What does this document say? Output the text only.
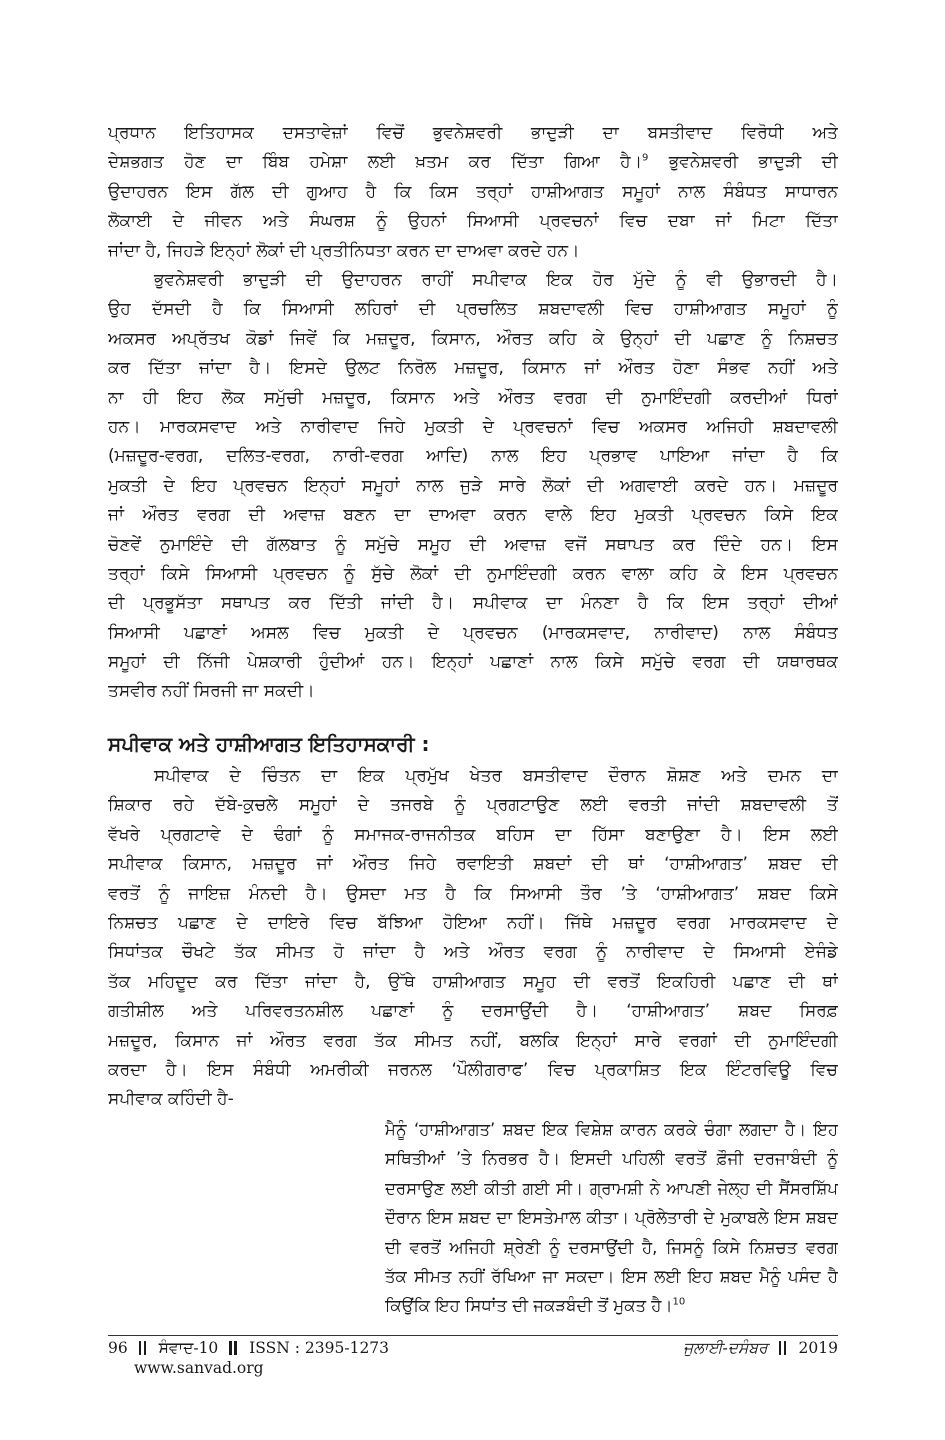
ਪ੍ਰਧਾਨ ਇਤਿਹਾਸਕ ਦਸਤਾਵੇਜ਼ਾਂ ਵਿਚੋਂ ਭੁਵਨੇਸ਼ਵਰੀ ਭਾਦੁੜੀ ਦਾ ਬਸਤੀਵਾਦ ਵਿਰੋਧੀ ਅਤੇ
ਦੇਸ਼ਭਗਤ ਹੋਣ ਦਾ ਬਿੰਬ ਹਮੇਸ਼ਾ ਲਈ ਖ਼ਤਮ ਕਰ ਦਿੱਤਾ ਗਿਆ ਹੈ।$^9$ ਭੁਵਨੇਸ਼ਵਰੀ ਭਾਦੁੜੀ ਦੀ
ਉਦਾਹਰਨ ਇਸ ਗੱਲ ਦੀ ਗੁਆਹ ਹੈ ਕਿ ਕਿਸ ਤਰ੍ਹਾਂ ਹਾਸ਼ੀਆਗਤ ਸਮੂਹਾਂ ਨਾਲ ਸੰਬੰਧਤ ਸਾਧਾਰਨ
ਲੋਕਾਈ ਦੇ ਜੀਵਨ ਅਤੇ ਸੰਘਰਸ਼ ਨੂੰ ਉਹਨਾਂ ਸਿਆਸੀ ਪ੍ਰਵਚਨਾਂ ਵਿਚ ਦਬਾ ਜਾਂ ਮਿਟਾ ਦਿੱਤਾ
ਜਾਂਦਾ ਹੈ, ਜਿਹੜੇ ਇਨ੍ਹਾਂ ਲੋਕਾਂ ਦੀ ਪ੍ਰਤੀਨਿਧਤਾ ਕਰਨ ਦਾ ਦਾਅਵਾ ਕਰਦੇ ਹਨ।
ਭੁਵਨੇਸ਼ਵਰੀ ਭਾਦੁੜੀ ਦੀ ਉਦਾਹਰਨ ਰਾਹੀਂ ਸਪੀਵਾਕ ਇਕ ਹੋਰ ਮੁੱਦੇ ਨੂੰ ਵੀ ਉਭਾਰਦੀ ਹੈ।
ਉਹ ਦੱਸਦੀ ਹੈ ਕਿ ਸਿਆਸੀ ਲਹਿਰਾਂ ਦੀ ਪ੍ਰਚਲਿਤ ਸ਼ਬਦਾਵਲੀ ਵਿਚ ਹਾਸ਼ੀਆਗਤ ਸਮੂਹਾਂ ਨੂੰ
ਅਕਸਰ ਅਪ੍ਰੱਤਖ ਕੋਡਾਂ ਜਿਵੇਂ ਕਿ ਮਜ਼ਦੂਰ, ਕਿਸਾਨ, ਔਰਤ ਕਹਿ ਕੇ ਉਨ੍ਹਾਂ ਦੀ ਪਛਾਣ ਨੂੰ ਨਿਸ਼ਚਤ
ਕਰ ਦਿੱਤਾ ਜਾਂਦਾ ਹੈ। ਇਸਦੇ ਉਲਟ ਨਿਰੋਲ ਮਜ਼ਦੂਰ, ਕਿਸਾਨ ਜਾਂ ਔਰਤ ਹੋਣਾ ਸੰਭਵ ਨਹੀਂ ਅਤੇ
ਨਾ ਹੀ ਇਹ ਲੋਕ ਸਮੁੱਚੀ ਮਜ਼ਦੂਰ, ਕਿਸਾਨ ਅਤੇ ਔਰਤ ਵਰਗ ਦੀ ਨੁਮਾਇੰਦਗੀ ਕਰਦੀਆਂ ਧਿਰਾਂ
ਹਨ। ਮਾਰਕਸਵਾਦ ਅਤੇ ਨਾਰੀਵਾਦ ਜਿਹੇ ਮੁਕਤੀ ਦੇ ਪ੍ਰਵਚਨਾਂ ਵਿਚ ਅਕਸਰ ਅਜਿਹੀ ਸ਼ਬਦਾਵਲੀ
(ਮਜ਼ਦੂਰ-ਵਰਗ, ਦਲਿਤ-ਵਰਗ, ਨਾਰੀ-ਵਰਗ ਆਦਿ) ਨਾਲ ਇਹ ਪ੍ਰਭਾਵ ਪਾਇਆ ਜਾਂਦਾ ਹੈ ਕਿ
ਮੁਕਤੀ ਦੇ ਇਹ ਪ੍ਰਵਚਨ ਇਨ੍ਹਾਂ ਸਮੂਹਾਂ ਨਾਲ ਜੁੜੇ ਸਾਰੇ ਲੋਕਾਂ ਦੀ ਅਗਵਾਈ ਕਰਦੇ ਹਨ। ਮਜ਼ਦੂਰ
ਜਾਂ ਔਰਤ ਵਰਗ ਦੀ ਅਵਾਜ਼ ਬਣਨ ਦਾ ਦਾਅਵਾ ਕਰਨ ਵਾਲੇ ਇਹ ਮੁਕਤੀ ਪ੍ਰਵਚਨ ਕਿਸੇ ਇਕ
ਚੋਣਵੇਂ ਨੁਮਾਇੰਦੇ ਦੀ ਗੱਲਬਾਤ ਨੂੰ ਸਮੁੱਚੇ ਸਮੂਹ ਦੀ ਅਵਾਜ਼ ਵਜੋਂ ਸਥਾਪਤ ਕਰ ਦਿੰਦੇ ਹਨ। ਇਸ
ਤਰ੍ਹਾਂ ਕਿਸੇ ਸਿਆਸੀ ਪ੍ਰਵਚਨ ਨੂੰ ਸੁੱਚੇ ਲੋਕਾਂ ਦੀ ਨੁਮਾਇੰਦਗੀ ਕਰਨ ਵਾਲਾ ਕਹਿ ਕੇ ਇਸ ਪ੍ਰਵਚਨ
ਦੀ ਪ੍ਰਭੂਸੱਤਾ ਸਥਾਪਤ ਕਰ ਦਿੱਤੀ ਜਾਂਦੀ ਹੈ। ਸਪੀਵਾਕ ਦਾ ਮੰਨਣਾ ਹੈ ਕਿ ਇਸ ਤਰ੍ਹਾਂ ਦੀਆਂ
ਸਿਆਸੀ ਪਛਾਣਾਂ ਅਸਲ ਵਿਚ ਮੁਕਤੀ ਦੇ ਪ੍ਰਵਚਨ (ਮਾਰਕਸਵਾਦ, ਨਾਰੀਵਾਦ) ਨਾਲ ਸੰਬੰਧਤ
ਸਮੂਹਾਂ ਦੀ ਨਿੱਜੀ ਪੇਸ਼ਕਾਰੀ ਹੁੰਦੀਆਂ ਹਨ। ਇਨ੍ਹਾਂ ਪਛਾਣਾਂ ਨਾਲ ਕਿਸੇ ਸਮੁੱਚੇ ਵਰਗ ਦੀ ਯਥਾਰਥਕ
ਤਸਵੀਰ ਨਹੀਂ ਸਿਰਜੀ ਜਾ ਸਕਦੀ।
ਸਪੀਵਾਕ ਅਤੇ ਹਾਸ਼ੀਆਗਤ ਇਤਿਹਾਸਕਾਰੀ :
ਸਪੀਵਾਕ ਦੇ ਚਿੰਤਨ ਦਾ ਇਕ ਪ੍ਰਮੁੱਖ ਖੇਤਰ ਬਸਤੀਵਾਦ ਦੌਰਾਨ ਸ਼ੋਸ਼ਣ ਅਤੇ ਦਮਨ ਦਾ
ਸ਼ਿਕਾਰ ਰਹੇ ਦੱਬੇ-ਕੁਚਲੇ ਸਮੂਹਾਂ ਦੇ ਤਜਰਬੇ ਨੂੰ ਪ੍ਰਗਟਾਉਣ ਲਈ ਵਰਤੀ ਜਾਂਦੀ ਸ਼ਬਦਾਵਲੀ ਤੋਂ
ਵੱਖਰੇ ਪ੍ਰਗਟਾਵੇ ਦੇ ਢੰਗਾਂ ਨੂੰ ਸਮਾਜਕ-ਰਾਜਨੀਤਕ ਬਹਿਸ ਦਾ ਹਿੱਸਾ ਬਣਾਉਣਾ ਹੈ। ਇਸ ਲਈ
ਸਪੀਵਾਕ ਕਿਸਾਨ, ਮਜ਼ਦੂਰ ਜਾਂ ਔਰਤ ਜਿਹੇ ਰਵਾਇਤੀ ਸ਼ਬਦਾਂ ਦੀ ਥਾਂ ‘ਹਾਸ਼ੀਆਗਤ’ ਸ਼ਬਦ ਦੀ
ਵਰਤੋਂ ਨੂੰ ਜਾਇਜ਼ ਮੰਨਦੀ ਹੈ। ਉਸਦਾ ਮਤ ਹੈ ਕਿ ਸਿਆਸੀ ਤੌਰ ’ਤੇ ‘ਹਾਸ਼ੀਆਗਤ’ ਸ਼ਬਦ ਕਿਸੇ
ਨਿਸ਼ਚਤ ਪਛਾਣ ਦੇ ਦਾਇਰੇ ਵਿਚ ਬੱਝਿਆ ਹੋਇਆ ਨਹੀਂ। ਜਿੱਥੇ ਮਜ਼ਦੂਰ ਵਰਗ ਮਾਰਕਸਵਾਦ ਦੇ
ਸਿਧਾਂਤਕ ਚੌਖਟੇ ਤੱਕ ਸੀਮਤ ਹੋ ਜਾਂਦਾ ਹੈ ਅਤੇ ਔਰਤ ਵਰਗ ਨੂੰ ਨਾਰੀਵਾਦ ਦੇ ਸਿਆਸੀ ਏਜੰਡੇ
ਤੱਕ ਮਹਿਦੂਦ ਕਰ ਦਿੱਤਾ ਜਾਂਦਾ ਹੈ, ਉੱਥੇ ਹਾਸ਼ੀਆਗਤ ਸਮੂਹ ਦੀ ਵਰਤੋਂ ਇਕਹਿਰੀ ਪਛਾਣ ਦੀ ਥਾਂ
ਗਤੀਸ਼ੀਲ ਅਤੇ ਪਰਿਵਰਤਨਸ਼ੀਲ ਪਛਾਣਾਂ ਨੂੰ ਦਰਸਾਉਂਦੀ ਹੈ। ‘ਹਾਸ਼ੀਆਗਤ’ ਸ਼ਬਦ ਸਿਰਫ਼
ਮਜ਼ਦੂਰ, ਕਿਸਾਨ ਜਾਂ ਔਰਤ ਵਰਗ ਤੱਕ ਸੀਮਤ ਨਹੀਂ, ਬਲਕਿ ਇਨ੍ਹਾਂ ਸਾਰੇ ਵਰਗਾਂ ਦੀ ਨੁਮਾਇੰਦਗੀ
ਕਰਦਾ ਹੈ। ਇਸ ਸੰਬੰਧੀ ਅਮਰੀਕੀ ਜਰਨਲ ‘ਪੌਲੀਗਰਾਫ’ ਵਿਚ ਪ੍ਰਕਾਸ਼ਿਤ ਇਕ ਇੰਟਰਵਿਊ ਵਿਚ
ਸਪੀਵਾਕ ਕਹਿੰਦੀ ਹੈ-
ਮੈਨੂੰ ‘ਹਾਸ਼ੀਆਗਤ’ ਸ਼ਬਦ ਇਕ ਵਿਸ਼ੇਸ਼ ਕਾਰਨ ਕਰਕੇ ਚੰਗਾ ਲਗਦਾ ਹੈ। ਇਹ
ਸਥਿਤੀਆਂ ’ਤੇ ਨਿਰਭਰ ਹੈ। ਇਸਦੀ ਪਹਿਲੀ ਵਰਤੋਂ ਫ਼ੌਜੀ ਦਰਜਾਬੰਦੀ ਨੂੰ
ਦਰਸਾਉਣ ਲਈ ਕੀਤੀ ਗਈ ਸੀ। ਗ੍ਰਾਮਸ਼ੀ ਨੇ ਆਪਣੀ ਜੇਲ੍ਹ ਦੀ ਸੈਂਸਰਸ਼ਿੱਪ
ਦੌਰਾਨ ਇਸ ਸ਼ਬਦ ਦਾ ਇਸਤੇਮਾਲ ਕੀਤਾ। ਪ੍ਰੋਲੇਤਾਰੀ ਦੇ ਮੁਕਾਬਲੇ ਇਸ ਸ਼ਬਦ
ਦੀ ਵਰਤੋਂ ਅਜਿਹੀ ਸ਼੍ਰੇਣੀ ਨੂੰ ਦਰਸਾਉਂਦੀ ਹੈ, ਜਿਸਨੂੰ ਕਿਸੇ ਨਿਸ਼ਚਤ ਵਰਗ
ਤੱਕ ਸੀਮਤ ਨਹੀਂ ਰੱਖਿਆ ਜਾ ਸਕਦਾ। ਇਸ ਲਈ ਇਹ ਸ਼ਬਦ ਮੈਨੂੰ ਪਸੰਦ ਹੈ
ਕਿਉਂਕਿ ਇਹ ਸਿਧਾਂਤ ਦੀ ਜਕੜਬੰਦੀ ਤੋਂ ਮੁਕਤ ਹੈ।$^{10}$
96 ਸੰਵਾਦ-10 ISSN : 2395-1273
www.sanvad.org
ਜੁਲਾਈ-ਦਸੰਬਰ 2019
